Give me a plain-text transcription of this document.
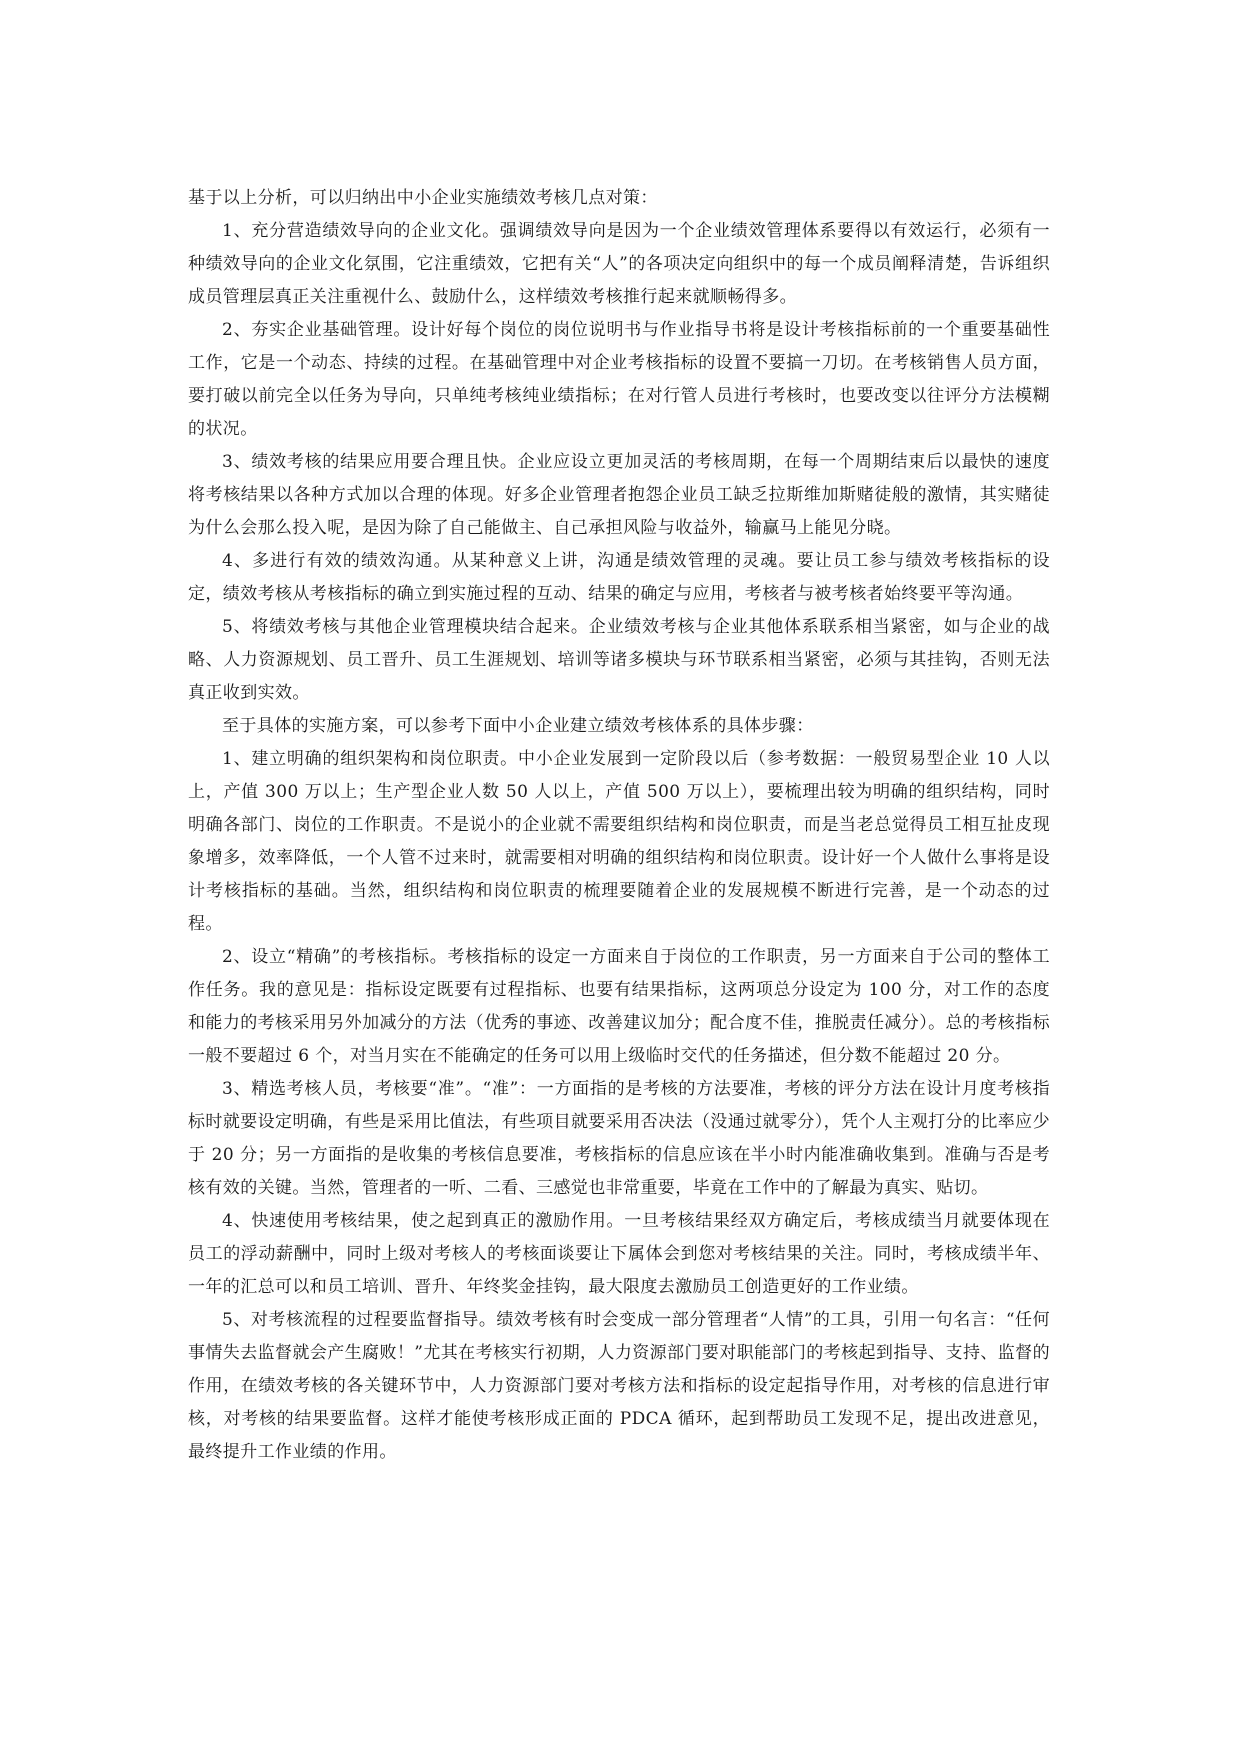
基于以上分析，可以归纳出中小企业实施绩效考核几点对策：

1、充分营造绩效导向的企业文化。强调绩效导向是因为一个企业绩效管理体系要得以有效运行，必须有一种绩效导向的企业文化氛围，它注重绩效，它把有关“人”的各项决定向组织中的每一个成员阐释清楚，告诉组织成员管理层真正关注重视什么、鼓励什么，这样绩效考核推行起来就顺畅得多。

2、夯实企业基础管理。设计好每个岗位的岗位说明书与作业指导书将是设计考核指标前的一个重要基础性工作，它是一个动态、持续的过程。在基础管理中对企业考核指标的设置不要搞一刀切。在考核销售人员方面，要打破以前完全以任务为导向，只单纯考核纯业绩指标；在对行管人员进行考核时，也要改变以往评分方法模糊的状况。

3、绩效考核的结果应用要合理且快。企业应设立更加灵活的考核周期，在每一个周期结束后以最快的速度将考核结果以各种方式加以合理的体现。好多企业管理者抱怨企业员工缺乏拉斯维加斯赌徒般的激情，其实赌徒为什么会那么投入呢，是因为除了自己能做主、自己承担风险与收益外，输赢马上能见分晓。

4、多进行有效的绩效沟通。从某种意义上讲，沟通是绩效管理的灵魂。要让员工参与绩效考核指标的设定，绩效考核从考核指标的确立到实施过程的互动、结果的确定与应用，考核者与被考核者始终要平等沟通。

5、将绩效考核与其他企业管理模块结合起来。企业绩效考核与企业其他体系联系相当紧密，如与企业的战略、人力资源规划、员工晋升、员工生涯规划、培训等诸多模块与环节联系相当紧密，必须与其挂钩，否则无法真正收到实效。

至于具体的实施方案，可以参考下面中小企业建立绩效考核体系的具体步骤：

1、建立明确的组织架构和岗位职责。中小企业发展到一定阶段以后（参考数据：一般贸易型企业 10 人以上，产值 300 万以上；生产型企业人数 50 人以上，产值 500 万以上），要梳理出较为明确的组织结构，同时明确各部门、岗位的工作职责。不是说小的企业就不需要组织结构和岗位职责，而是当老总觉得员工相互扯皮现象增多，效率降低，一个人管不过来时，就需要相对明确的组织结构和岗位职责。设计好一个人做什么事将是设计考核指标的基础。当然，组织结构和岗位职责的梳理要随着企业的发展规模不断进行完善，是一个动态的过程。

2、设立“精确”的考核指标。考核指标的设定一方面来自于岗位的工作职责，另一方面来自于公司的整体工作任务。我的意见是：指标设定既要有过程指标、也要有结果指标，这两项总分设定为 100 分，对工作的态度和能力的考核采用另外加减分的方法（优秀的事迹、改善建议加分；配合度不佳，推脱责任减分）。总的考核指标一般不要超过 6 个，对当月实在不能确定的任务可以用上级临时交代的任务描述，但分数不能超过 20 分。

3、精选考核人员，考核要“准”。“准”：一方面指的是考核的方法要准，考核的评分方法在设计月度考核指标时就要设定明确，有些是采用比值法，有些项目就要采用否决法（没通过就零分），凭个人主观打分的比率应少于 20 分；另一方面指的是收集的考核信息要准，考核指标的信息应该在半小时内能准确收集到。准确与否是考核有效的关键。当然，管理者的一听、二看、三感觉也非常重要，毕竟在工作中的了解最为真实、贴切。

4、快速使用考核结果，使之起到真正的激励作用。一旦考核结果经双方确定后，考核成绩当月就要体现在员工的浮动薪酬中，同时上级对考核人的考核面谈要让下属体会到您对考核结果的关注。同时，考核成绩半年、一年的汇总可以和员工培训、晋升、年终奖金挂钩，最大限度去激励员工创造更好的工作业绩。

5、对考核流程的过程要监督指导。绩效考核有时会变成一部分管理者“人情”的工具，引用一句名言：“任何事情失去监督就会产生腐败！”尤其在考核实行初期，人力资源部门要对职能部门的考核起到指导、支持、监督的作用，在绩效考核的各关键环节中，人力资源部门要对考核方法和指标的设定起指导作用，对考核的信息进行审核，对考核的结果要监督。这样才能使考核形成正面的 PDCA 循环，起到帮助员工发现不足，提出改进意见，最终提升工作业绩的作用。
